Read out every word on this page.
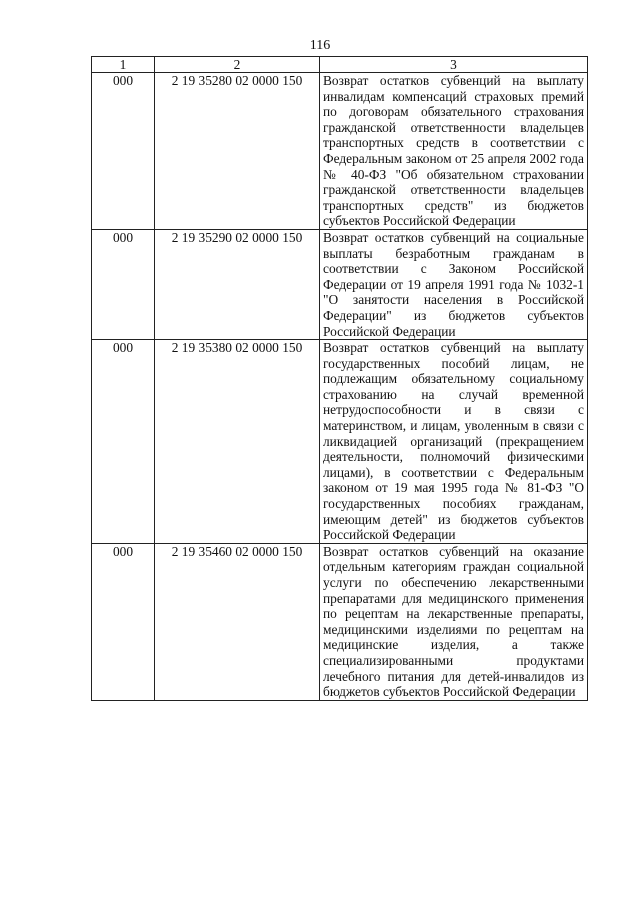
116
1	2	3
000	2 19 35280 02 0000 150	Возврат остатков субвенций на выплату инвалидам компенсаций страховых премий по договорам обязательного страхования гражданской ответственности владельцев транспортных средств в соответствии с Федеральным законом от 25 апреля 2002 года № 40-ФЗ "Об обязательном страховании гражданской ответственности владельцев транспортных средств" из бюджетов субъектов Российской Федерации
000	2 19 35290 02 0000 150	Возврат остатков субвенций на социальные выплаты безработным гражданам в соответствии с Законом Российской Федерации от 19 апреля 1991 года № 1032-1 "О занятости населения в Российской Федерации" из бюджетов субъектов Российской Федерации
000	2 19 35380 02 0000 150	Возврат остатков субвенций на выплату государственных пособий лицам, не подлежащим обязательному социальному страхованию на случай временной нетрудоспособности и в связи с материнством, и лицам, уволенным в связи с ликвидацией организаций (прекращением деятельности, полномочий физическими лицами), в соответствии с Федеральным законом от 19 мая 1995 года № 81-ФЗ "О государственных пособиях гражданам, имеющим детей" из бюджетов субъектов Российской Федерации
000	2 19 35460 02 0000 150	Возврат остатков субвенций на оказание отдельным категориям граждан социальной услуги по обеспечению лекарственными препаратами для медицинского применения по рецептам на лекарственные препараты, медицинскими изделиями по рецептам на медицинские изделия, а также специализированными продуктами лечебного питания для детей-инвалидов из бюджетов субъектов Российской Федерации
